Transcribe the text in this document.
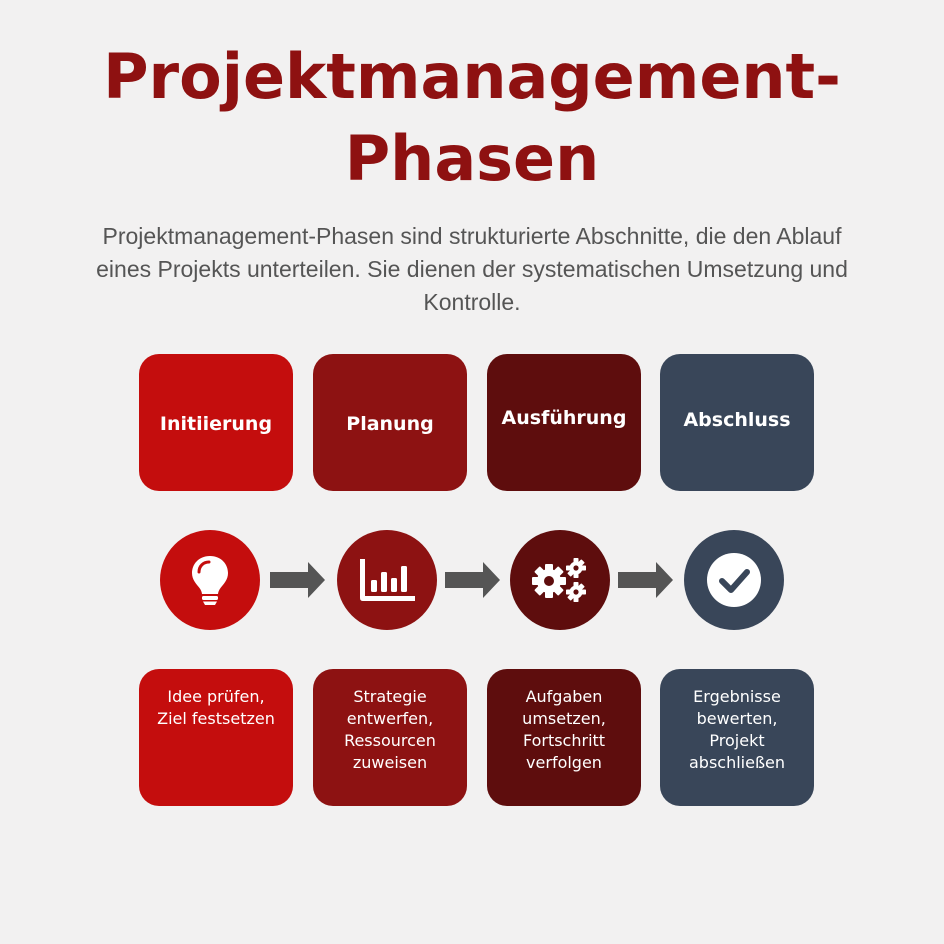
Projektmanagement-
Phasen
Projektmanagement-Phasen sind strukturierte Abschnitte, die den Ablauf eines Projekts unterteilen. Sie dienen der systematischen Umsetzung und Kontrolle.
Initiierung	Planung	Ausführung	Abschluss
Idee prüfen,
Ziel festsetzen
Strategie
entwerfen,
Ressourcen
zuweisen
Aufgaben
umsetzen,
Fortschritt
verfolgen
Ergebnisse
bewerten,
Projekt
abschließen
